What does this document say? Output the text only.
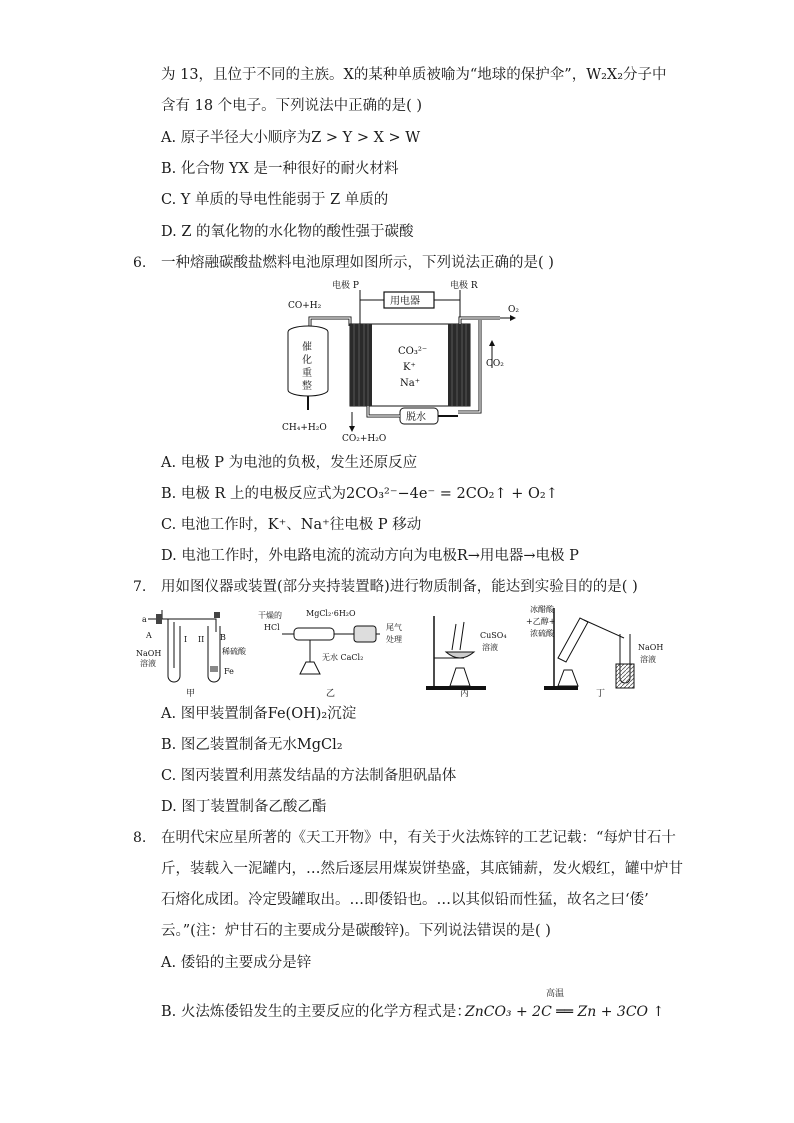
为 13，且位于不同的主族。X的某种单质被喻为“地球的保护伞”，W₂X₂分子中
含有 18 个电子。下列说法中正确的是( )
A. 原子半径大小顺序为Z > Y > X > W
B. 化合物 YX 是一种很好的耐火材料
C. Y 单质的导电性能弱于 Z 单质的
D. Z 的氧化物的水化物的酸性强于碳酸
6. 一种熔融碳酸盐燃料电池原理如图所示，下列说法正确的是( )
电极 P	电极 R
用电器
CO+H₂
催
化
重
整
CH₄+H₂O
CO₃²⁻
K⁺
Na⁺
O₂
CO₂
脱水
CO₂+H₂O
A. 电极 P 为电池的负极，发生还原反应
B. 电极 R 上的电极反应式为2CO₃²⁻−4e⁻ = 2CO₂↑ + O₂↑
C. 电池工作时，K⁺、Na⁺往电极 P 移动
D. 电池工作时，外电路电流的流动方向为电极R→用电器→电极 P
7. 用如图仪器或装置(部分夹持装置略)进行物质制备，能达到实验目的的是( )
a
A	B
I II
NaOH
溶液
稀硫酸
Fe
甲
干燥的
HCl
MgCl₂·6H₂O
无水 CaCl₂
尾气
处理
乙
CuSO₄
溶液
丙
冰醋酸
+乙醇+
浓硫酸
NaOH
溶液
丁
A. 图甲装置制备Fe(OH)₂沉淀
B. 图乙装置制备无水MgCl₂
C. 图丙装置利用蒸发结晶的方法制备胆矾晶体
D. 图丁装置制备乙酸乙酯
8. 在明代宋应星所著的《天工开物》中，有关于火法炼锌的工艺记载：“每炉甘石十
斤，装载入一泥罐内，…然后逐层用煤炭饼垫盛，其底铺薪，发火煅红，罐中炉甘
石熔化成团。冷定毁罐取出。…即倭铅也。…以其似铅而性猛，故名之曰‘倭’
云。”(注：炉甘石的主要成分是碳酸锌)。下列说法错误的是( )
A. 倭铅的主要成分是锌
B. 火法炼倭铅发生的主要反应的化学方程式是：
高温
ZnCO₃ + 2C ══ Zn + 3CO ↑
